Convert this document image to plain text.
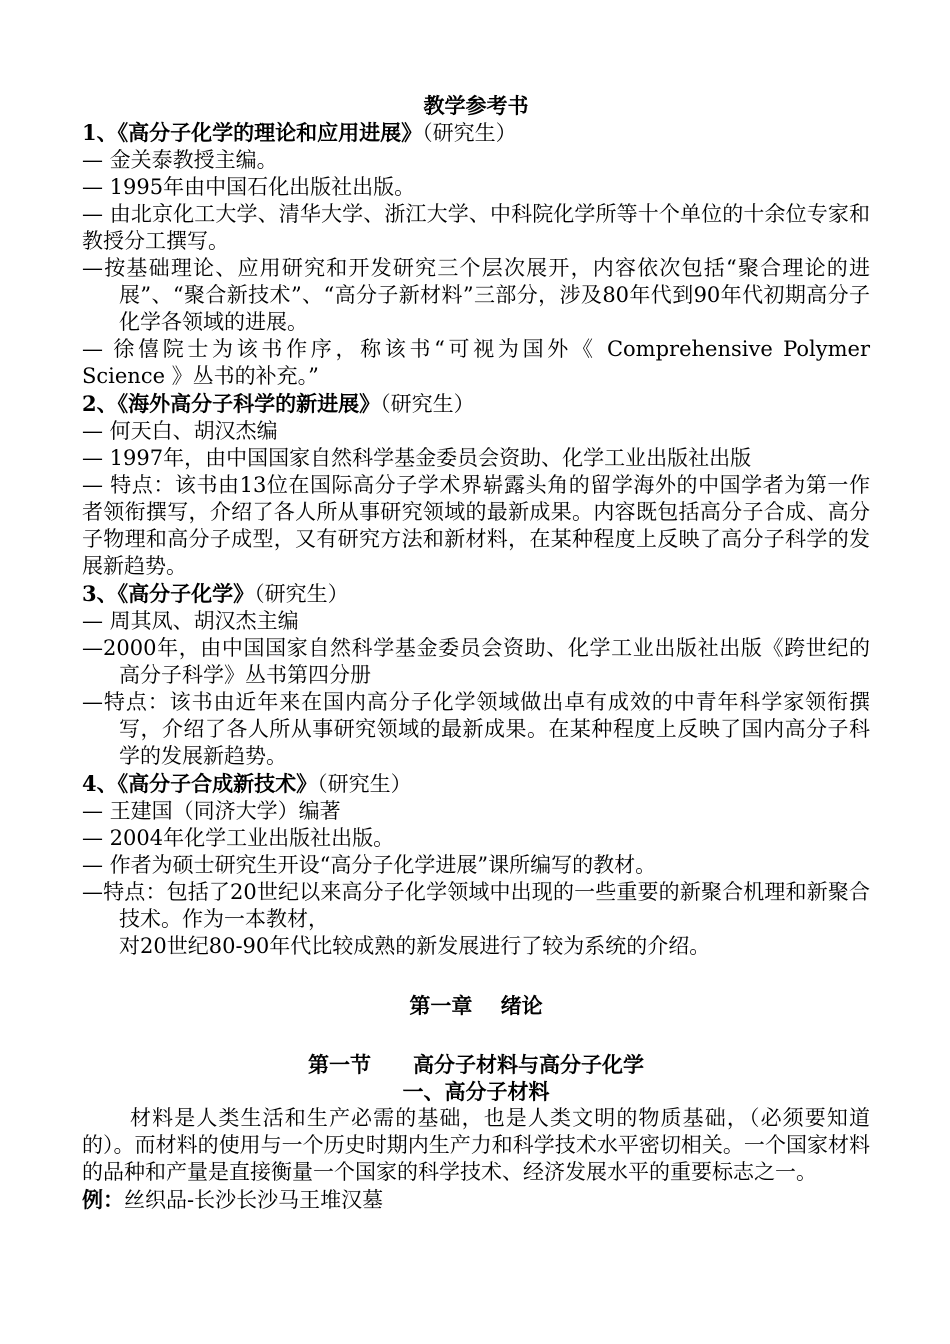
教学参考书
1、《高分子化学的理论和应用进展》（研究生）
— 金关泰教授主编。
— 1995年由中国石化出版社出版。
— 由北京化工大学、清华大学、浙江大学、中科院化学所等十个单位的十余位专家和教授分工撰写。
—按基础理论、应用研究和开发研究三个层次展开，内容依次包括“聚合理论的进展”、“聚合新技术”、“高分子新材料”三部分，涉及80年代到90年代初期高分子化学各领域的进展。
— 徐僖院士为该书作序，称该书“可视为国外《 Comprehensive Polymer Science 》丛书的补充。”
2、《海外高分子科学的新进展》（研究生）
— 何天白、胡汉杰编
— 1997年，由中国国家自然科学基金委员会资助、化学工业出版社出版
— 特点：该书由13位在国际高分子学术界崭露头角的留学海外的中国学者为第一作者领衔撰写，介绍了各人所从事研究领域的最新成果。内容既包括高分子合成、高分子物理和高分子成型，又有研究方法和新材料，在某种程度上反映了高分子科学的发展新趋势。
3、《高分子化学》（研究生）
— 周其凤、胡汉杰主编
—2000年，由中国国家自然科学基金委员会资助、化学工业出版社出版《跨世纪的高分子科学》丛书第四分册
—特点：该书由近年来在国内高分子化学领域做出卓有成效的中青年科学家领衔撰写，介绍了各人所从事研究领域的最新成果。在某种程度上反映了国内高分子科学的发展新趋势。
4、《高分子合成新技术》（研究生）
— 王建国（同济大学）编著
— 2004年化学工业出版社出版。
— 作者为硕士研究生开设“高分子化学进展”课所编写的教材。
—特点：包括了20世纪以来高分子化学领域中出现的一些重要的新聚合机理和新聚合技术。作为一本教材，
对20世纪80-90年代比较成熟的新发展进行了较为系统的介绍。
第一章　 绪论
第一节　　高分子材料与高分子化学
一、高分子材料
材料是人类生活和生产必需的基础，也是人类文明的物质基础，（必须要知道的）。而材料的使用与一个历史时期内生产力和科学技术水平密切相关。一个国家材料的品种和产量是直接衡量一个国家的科学技术、经济发展水平的重要标志之一。
例：丝织品-长沙长沙马王堆汉墓
